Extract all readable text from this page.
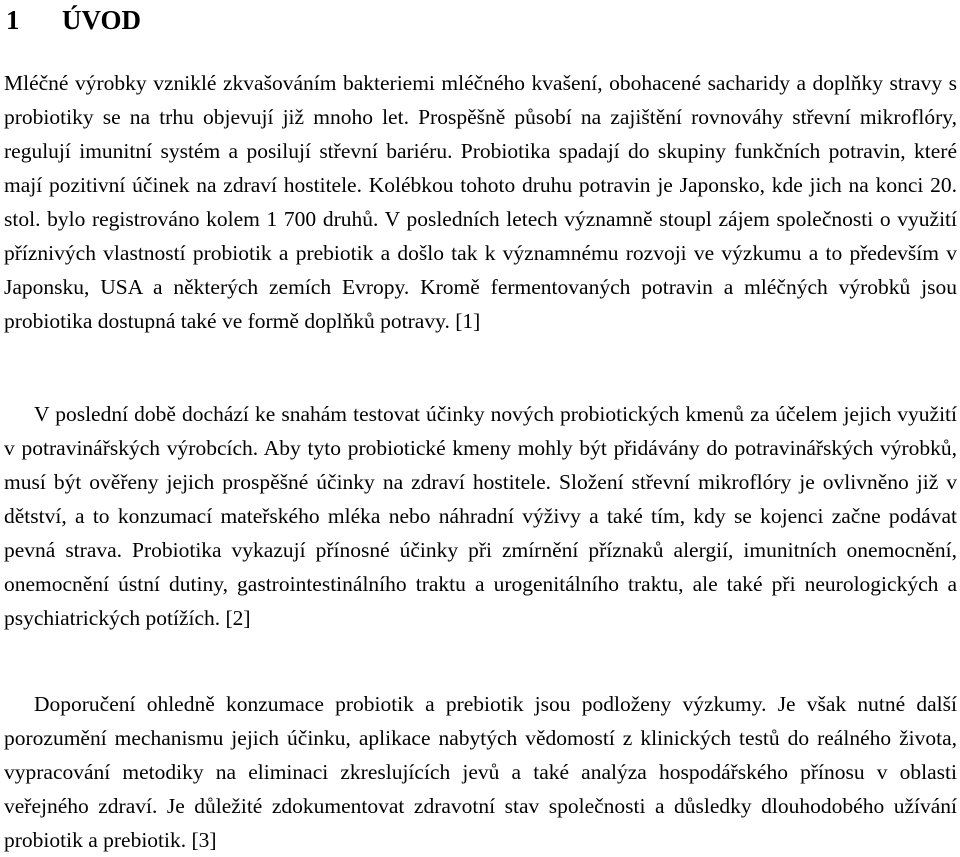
1 ÚVOD

Mléčné výrobky vzniklé zkvašováním bakteriemi mléčného kvašení, obohacené sacharidy a doplňky stravy s probiotiky se na trhu objevují již mnoho let. Prospěšně působí na zajištění rovnováhy střevní mikroflóry, regulují imunitní systém a posilují střevní bariéru. Probiotika spadají do skupiny funkčních potravin, které mají pozitivní účinek na zdraví hostitele. Kolébkou tohoto druhu potravin je Japonsko, kde jich na konci 20. stol. bylo registrováno kolem 1 700 druhů. V posledních letech významně stoupl zájem společnosti o využití příznivých vlastností probiotik a prebiotik a došlo tak k významnému rozvoji ve výzkumu a to především v Japonsku, USA a některých zemích Evropy. Kromě fermentovaných potravin a mléčných výrobků jsou probiotika dostupná také ve formě doplňků potravy. [1]

V poslední době dochází ke snahám testovat účinky nových probiotických kmenů za účelem jejich využití v potravinářských výrobcích. Aby tyto probiotické kmeny mohly být přidávány do potravinářských výrobků, musí být ověřeny jejich prospěšné účinky na zdraví hostitele. Složení střevní mikroflóry je ovlivněno již v dětství, a to konzumací mateřského mléka nebo náhradní výživy a také tím, kdy se kojenci začne podávat pevná strava. Probiotika vykazují přínosné účinky při zmírnění příznaků alergií, imunitních onemocnění, onemocnění ústní dutiny, gastrointestinálního traktu a urogenitálního traktu, ale také při neurologických a psychiatrických potížích. [2]

Doporučení ohledně konzumace probiotik a prebiotik jsou podloženy výzkumy. Je však nutné další porozumění mechanismu jejich účinku, aplikace nabytých vědomostí z klinických testů do reálného života, vypracování metodiky na eliminaci zkreslujících jevů a také analýza hospodářského přínosu v oblasti veřejného zdraví. Je důležité zdokumentovat zdravotní stav společnosti a důsledky dlouhodobého užívání probiotik a prebiotik. [3]
